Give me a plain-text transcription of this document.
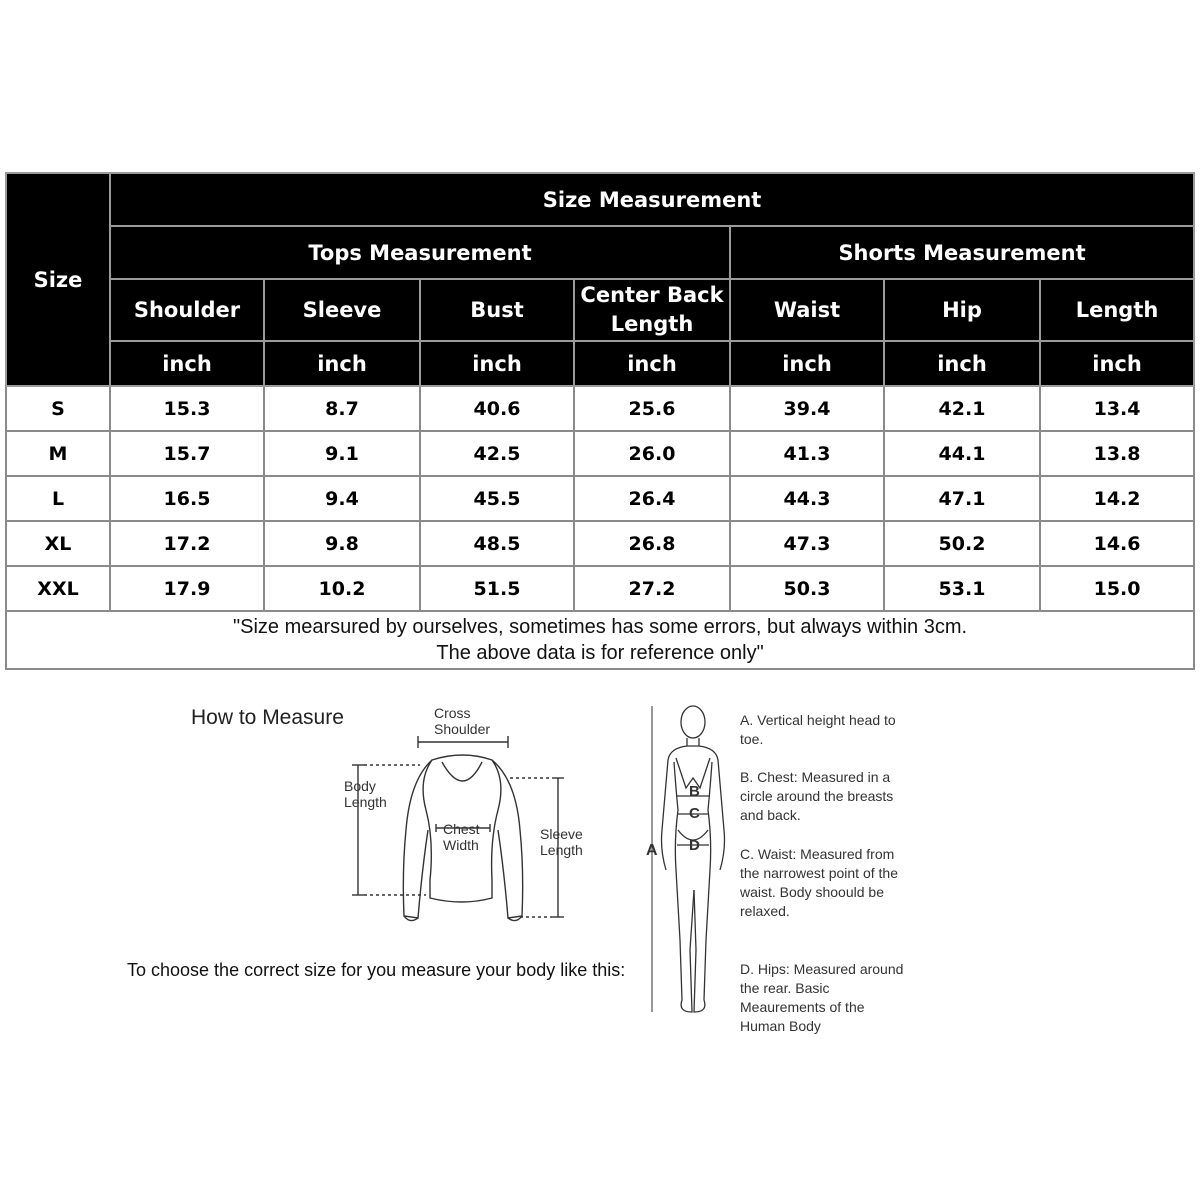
Size	Size Measurement						
	Tops Measurement				Shorts Measurement		
	Shoulder	Sleeve	Bust	Center Back Length	Waist	Hip	Length
	inch	inch	inch	inch	inch	inch	inch
S	15.3	8.7	40.6	25.6	39.4	42.1	13.4
M	15.7	9.1	42.5	26.0	41.3	44.1	13.8
L	16.5	9.4	45.5	26.4	44.3	47.1	14.2
XL	17.2	9.8	48.5	26.8	47.3	50.2	14.6
XXL	17.9	10.2	51.5	27.2	50.3	53.1	15.0

"Size mearsured by ourselves, sometimes has some errors, but always within 3cm.
The above data is for reference only"							
How to Measure	Cross Shoulder
Body Length
Chest Width
Sleeve Length	A
B
C
D
A. Vertical height head to toe.
B. Chest: Measured in a circle around the breasts and back.
C. Waist: Measured from the narrowest point of the waist. Body shoould be relaxed.
D. Hips: Measured around the rear. Basic Meaurements of the Human Body
To choose the correct size for you measure your body like this:
